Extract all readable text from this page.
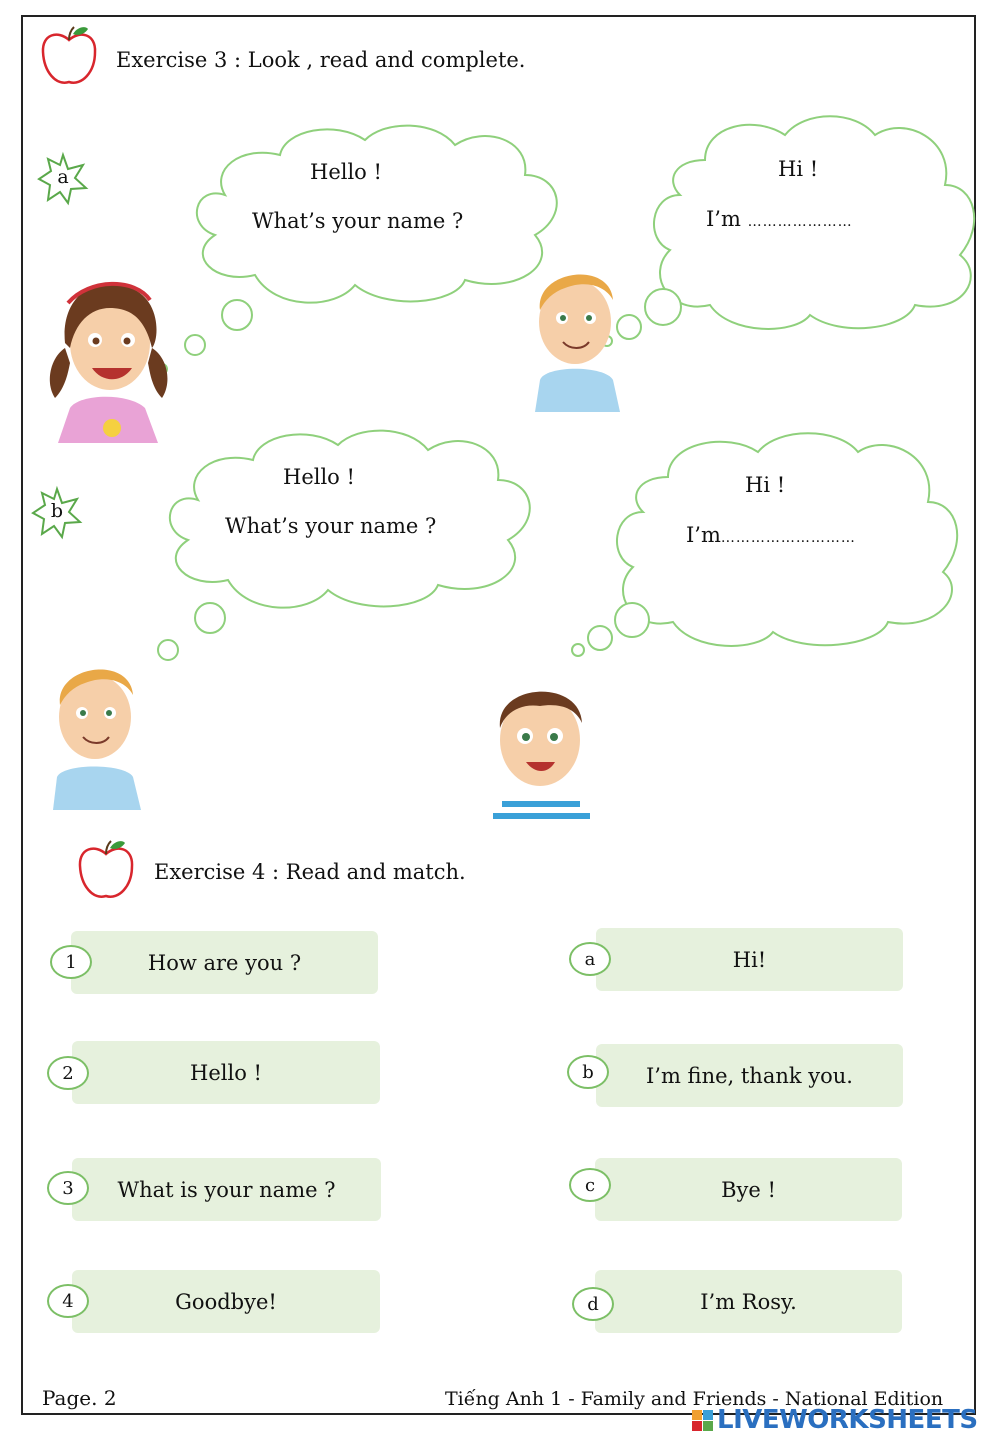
Exercise 3 : Look , read and complete.
a	Hello !
What’s your name ?
Hi !
I’m …………………
b
Hello !
What’s your name ?
Hi !
I’m………………………
Exercise 4 : Read and match.
How are you ?
1
Hello !
2
What is your name ?
3
Goodbye!
4
Hi!
a
I’m fine, thank you.
b
Bye !
c
I’m Rosy.
d
Page. 2	Tiếng Anh 1 - Family and Friends - National Edition
LIVEWORKSHEETS
